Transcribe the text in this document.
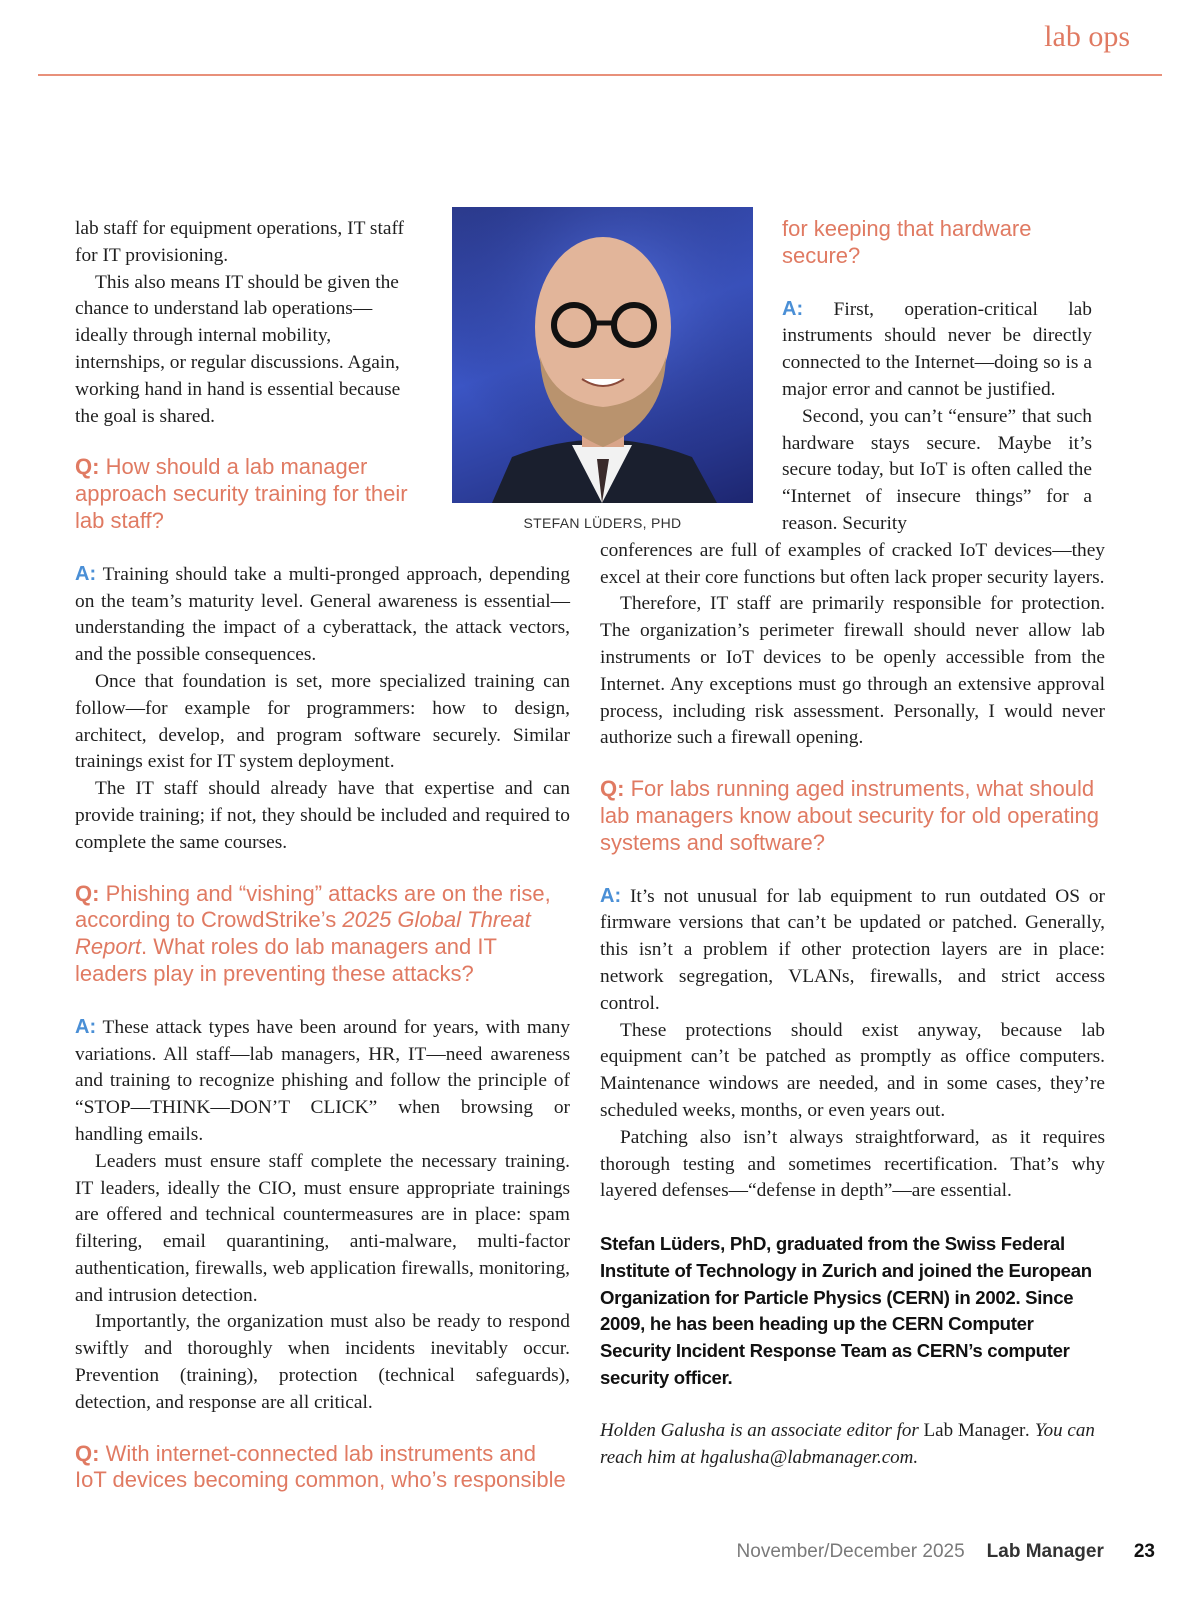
lab ops
STEFAN LÜDERS, PHD

lab staff for equipment operations, IT staff for IT provisioning.

This also means IT should be given the chance to understand lab operations—ideally through internal mobility, internships, or regular discussions. Again, working hand in hand is essential because the goal is shared.

Q: How should a lab manager approach security training for their lab staff?

A: Training should take a multi-pronged approach, depending on the team’s maturity level. General awareness is essential—understanding the impact of a cyberattack, the attack vectors, and the possible consequences.

Once that foundation is set, more specialized training can follow—for example for programmers: how to design, architect, develop, and program software securely. Similar trainings exist for IT system deployment.

The IT staff should already have that expertise and can provide training; if not, they should be included and required to complete the same courses.

Q: Phishing and “vishing” attacks are on the rise, according to CrowdStrike’s 2025 Global Threat Report. What roles do lab managers and IT leaders play in preventing these attacks?

A: These attack types have been around for years, with many variations. All staff—lab managers, HR, IT—need awareness and training to recognize phishing and follow the principle of “STOP—THINK—DON’T CLICK” when browsing or handling emails.

Leaders must ensure staff complete the necessary training. IT leaders, ideally the CIO, must ensure appropriate trainings are offered and technical countermeasures are in place: spam filtering, email quarantining, anti-malware, multi-factor authentication, firewalls, web application firewalls, monitoring, and intrusion detection.

Importantly, the organization must also be ready to respond swiftly and thoroughly when incidents inevitably occur. Prevention (training), protection (technical safeguards), detection, and response are all critical.

Q: With internet-connected lab instruments and IoT devices becoming common, who’s responsible
for keeping that hardware secure?

A: First, operation-critical lab instruments should never be directly connected to the Internet—doing so is a major error and cannot be justified.

Second, you can’t “ensure” that such hardware stays secure. Maybe it’s secure today, but IoT is often called the “Internet of insecure things” for a reason. Security

conferences are full of examples of cracked IoT devices—they excel at their core functions but often lack proper security layers.

Therefore, IT staff are primarily responsible for protection. The organization’s perimeter firewall should never allow lab instruments or IoT devices to be openly accessible from the Internet. Any exceptions must go through an extensive approval process, including risk assessment. Personally, I would never authorize such a firewall opening.

Q: For labs running aged instruments, what should lab managers know about security for old operating systems and software?

A: It’s not unusual for lab equipment to run outdated OS or firmware versions that can’t be updated or patched. Generally, this isn’t a problem if other protection layers are in place: network segregation, VLANs, firewalls, and strict access control.

These protections should exist anyway, because lab equipment can’t be patched as promptly as office computers. Maintenance windows are needed, and in some cases, they’re scheduled weeks, months, or even years out.

Patching also isn’t always straightforward, as it requires thorough testing and sometimes recertification. That’s why layered defenses—“defense in depth”—are essential.

Stefan Lüders, PhD, graduated from the Swiss Federal Institute of Technology in Zurich and joined the European Organization for Particle Physics (CERN) in 2002. Since 2009, he has been heading up the CERN Computer Security Incident Response Team as CERN’s computer security officer.
Holden Galusha is an associate editor for Lab Manager. You can reach him at hgalusha@labmanager.com.
November/December 2025 Lab Manager 23
